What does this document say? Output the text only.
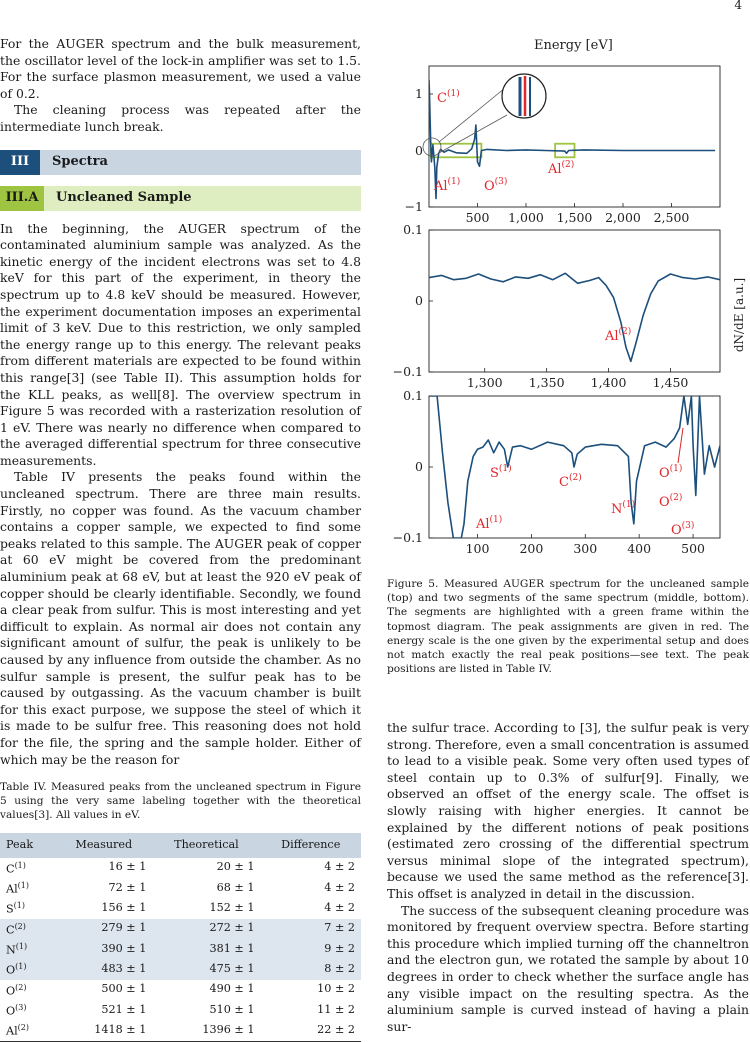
4

For the AUGER spectrum and the bulk measurement, the oscillator level of the lock-in amplifier was set to 1.5. For the surface plasmon measurement, we used a value of 0.2.

The cleaning process was repeated after the intermediate lunch break.

III	Spectra
III.A	Uncleaned Sample

In the beginning, the AUGER spectrum of the contaminated aluminium sample was analyzed. As the kinetic energy of the incident electrons was set to 4.8 keV for this part of the experiment, in theory the spectrum up to 4.8 keV should be measured. However, the experiment documentation imposes an experimental limit of 3 keV. Due to this restriction, we only sampled the energy range up to this energy. The relevant peaks from different materials are expected to be found within this range[3] (see Table II). This assumption holds for the KLL peaks, as well[8]. The overview spectrum in Figure 5 was recorded with a rasterization resolution of 1 eV. There was nearly no difference when compared to the averaged differential spectrum for three consecutive measurements.

Table IV presents the peaks found within the uncleaned spectrum. There are three main results. Firstly, no copper was found. As the vacuum chamber contains a copper sample, we expected to find some peaks related to this sample. The AUGER peak of copper at 60 eV might be covered from the predominant aluminium peak at 68 eV, but at least the 920 eV peak of copper should be clearly identifiable. Secondly, we found a clear peak from sulfur. This is most interesting and yet difficult to explain. As normal air does not contain any significant amount of sulfur, the peak is unlikely to be caused by any influence from outside the chamber. As no sulfur sample is present, the sulfur peak has to be caused by outgassing. As the vacuum chamber is built for this exact purpose, we suppose the steel of which it is made to be sulfur free. This reasoning does not hold for the file, the spring and the sample holder. Either of which may be the reason for

Table IV. Measured peaks from the uncleaned spectrum in Figure 5 using the very same labeling together with the theoretical values[3]. All values in eV.
Peak	Measured	Theoretical	Difference
$C^{(1)}$	16 ± 1	20 ± 1	4 ± 2
Al$^{(1)}$	72 ± 1	68 ± 1	4 ± 2
$S^{(1)}$	156 ± 1	152 ± 1	4 ± 2
$C^{(2)}$	279 ± 1	272 ± 1	7 ± 2
$N^{(1)}$	390 ± 1	381 ± 1	9 ± 2
$O^{(1)}$	483 ± 1	475 ± 1	8 ± 2
$O^{(2)}$	500 ± 1	490 ± 1	10 ± 2
$O^{(3)}$	521 ± 1	510 ± 1	11 ± 2
Al$^{(2)}$	1418 ± 1	1396 ± 1	22 ± 2
Energy [eV]
dN/dE [a.u.]
1
0
−1
500 1,000 1,500 2,000 2,500
0.1
0
−0.1
1,300 1,350 1,400 1,450
0.1
0
−0.1
100 200 300 400 500
$C^{(1)}$
Al$^{(1)}$ $O^{(3)}$
Al$^{(2)}$
Al$^{(2)}$
$S^{(1)}$
$C^{(2)}$
$N^{(1)}$
$O^{(1)}$
$O^{(2)}$
$O^{(3)}$
Al$^{(1)}$
Figure 5. Measured AUGER spectrum for the uncleaned sample (top) and two segments of the same spectrum (middle, bottom). The segments are highlighted with a green frame within the topmost diagram. The peak assignments are given in red. The energy scale is the one given by the experimental setup and does not match exactly the real peak positions—see text. The peak positions are listed in Table IV.

the sulfur trace. According to [3], the sulfur peak is very strong. Therefore, even a small concentration is assumed to lead to a visible peak. Some very often used types of steel contain up to 0.3% of sulfur[9]. Finally, we observed an offset of the energy scale. The offset is slowly raising with higher energies. It cannot be explained by the different notions of peak positions (estimated zero crossing of the differential spectrum versus minimal slope of the integrated spectrum), because we used the same method as the reference[3]. This offset is analyzed in detail in the discussion.

The success of the subsequent cleaning procedure was monitored by frequent overview spectra. Before starting this procedure which implied turning off the channeltron and the electron gun, we rotated the sample by about 10 degrees in order to check whether the surface angle has any visible impact on the resulting spectra. As the aluminium sample is curved instead of having a plain sur-
